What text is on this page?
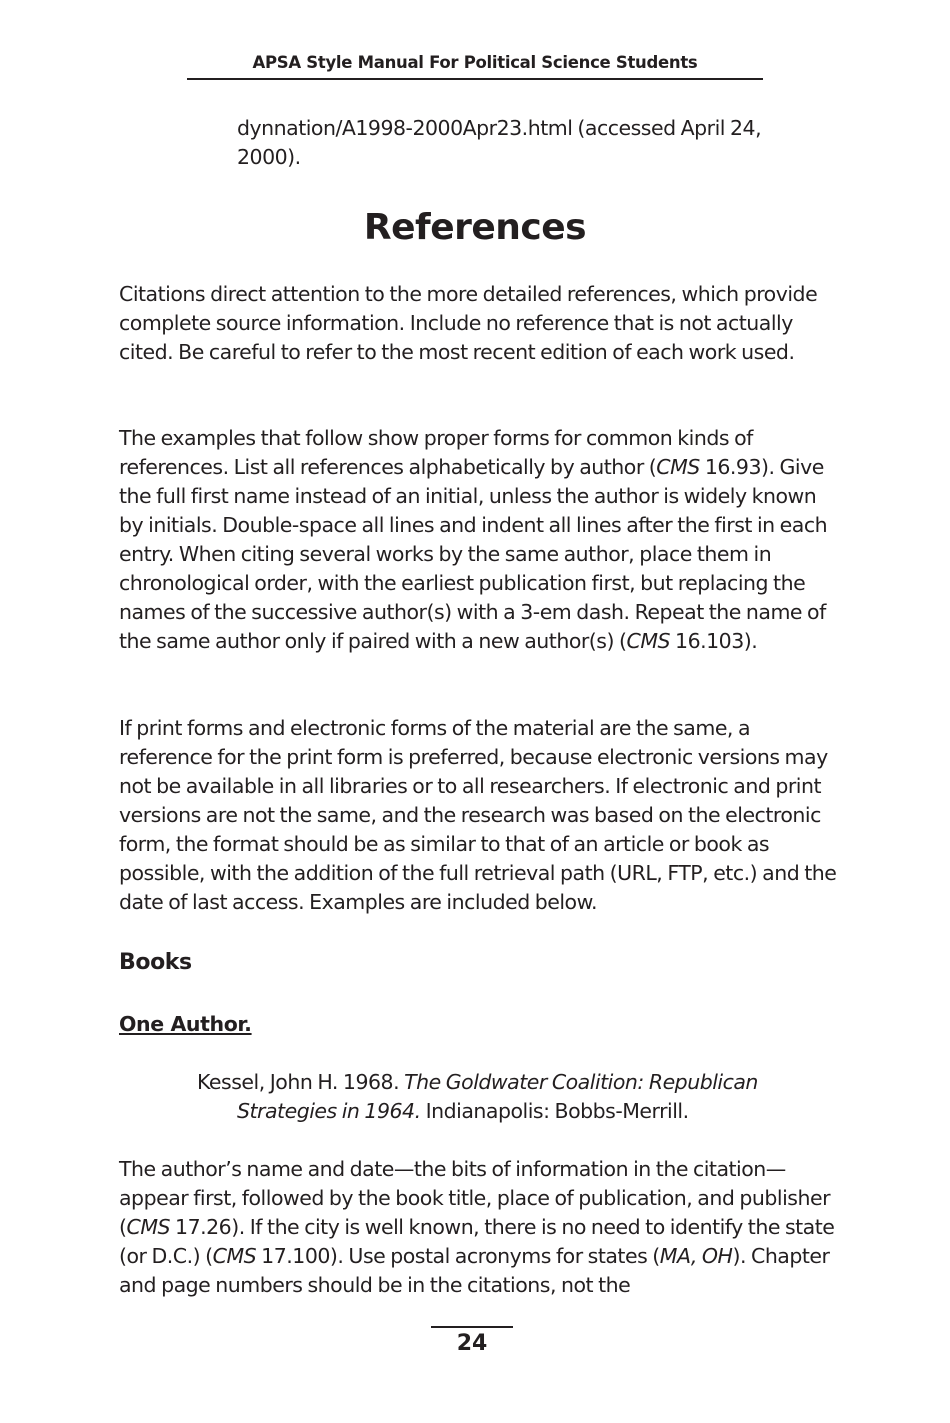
APSA Style Manual For Political Science Students

dynnation/A1998-2000Apr23.html (accessed April 24, 2000).

References

Citations direct attention to the more detailed references, which provide complete source information. Include no reference that is not actually cited. Be careful to refer to the most recent edition of each work used.

The examples that follow show proper forms for common kinds of references. List all references alphabetically by author (CMS 16.93). Give the full first name instead of an initial, unless the author is widely known by initials. Double-space all lines and indent all lines after the first in each entry. When citing several works by the same author, place them in chronological order, with the earliest publication first, but replacing the names of the successive author(s) with a 3-em dash. Repeat the name of the same author only if paired with a new author(s) (CMS 16.103).

If print forms and electronic forms of the material are the same, a reference for the print form is preferred, because electronic versions may not be available in all libraries or to all researchers. If electronic and print versions are not the same, and the research was based on the electronic form, the format should be as similar to that of an article or book as possible, with the addition of the full retrieval path (URL, FTP, etc.) and the date of last access. Examples are included below.

Books
One Author.

Kessel, John H. 1968. The Goldwater Coalition: Republican Strategies in 1964. Indianapolis: Bobbs-Merrill.

The author’s name and date—the bits of information in the citation—appear first, followed by the book title, place of publication, and publisher (CMS 17.26). If the city is well known, there is no need to identify the state (or D.C.) (CMS 17.100). Use postal acronyms for states (MA, OH). Chapter and page numbers should be in the citations, not the

24
